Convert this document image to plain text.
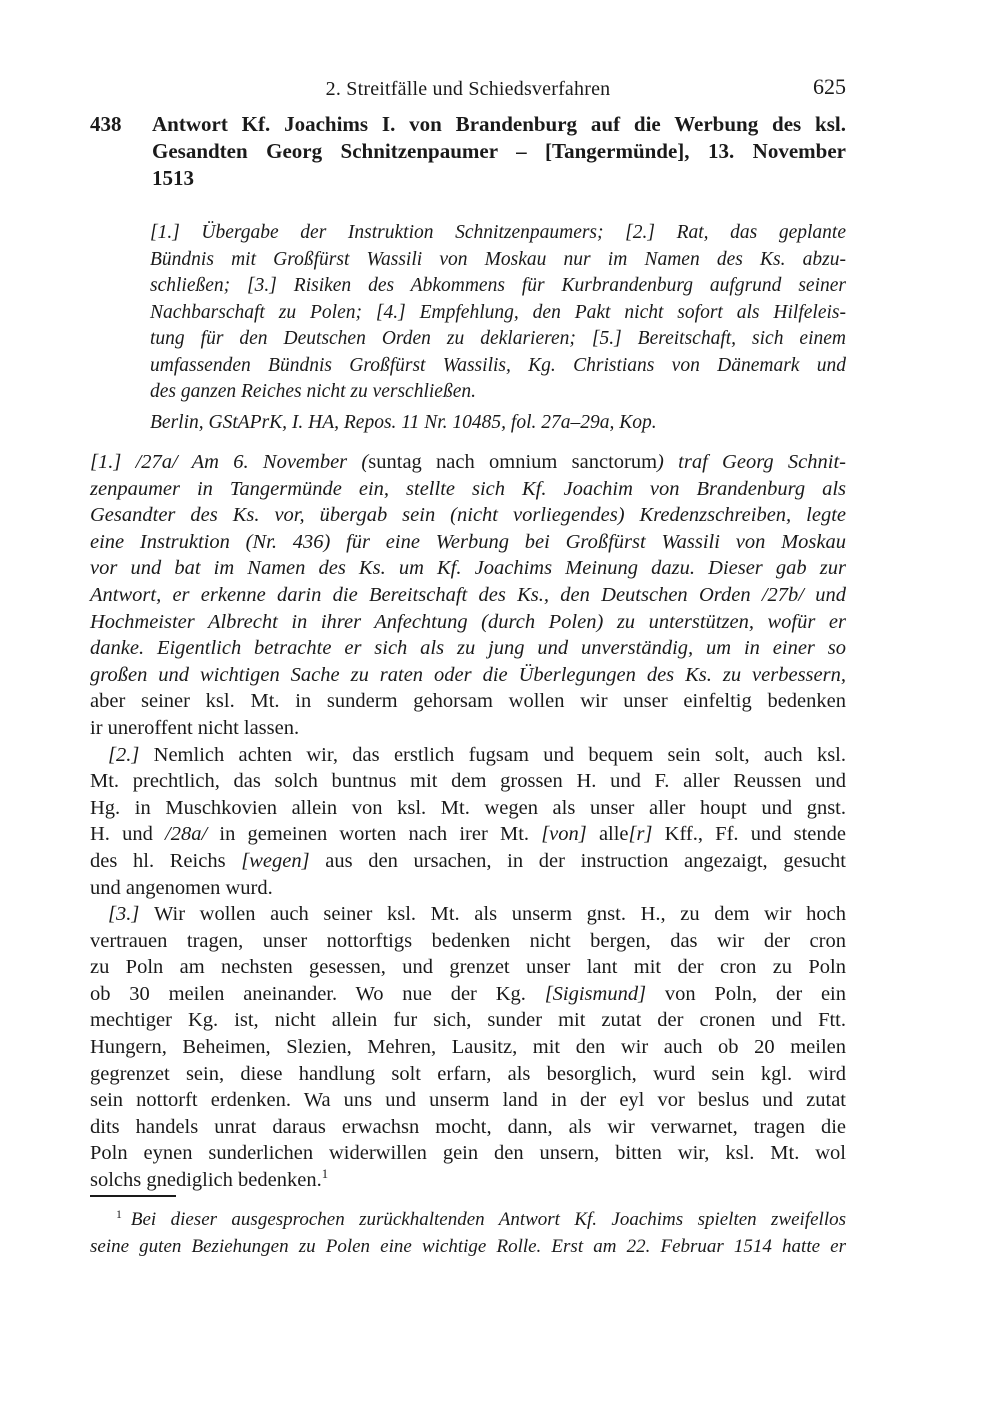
2. Streitfälle und Schiedsverfahren	625
438 Antwort Kf. Joachims I. von Brandenburg auf die Werbung des ksl.
Gesandten Georg Schnitzenpaumer – [Tangermünde], 13. November
1513
[1.] Übergabe der Instruktion Schnitzenpaumers; [2.] Rat, das geplante
Bündnis mit Großfürst Wassili von Moskau nur im Namen des Ks. abzu-
schließen; [3.] Risiken des Abkommens für Kurbrandenburg aufgrund seiner
Nachbarschaft zu Polen; [4.] Empfehlung, den Pakt nicht sofort als Hilfeleis-
tung für den Deutschen Orden zu deklarieren; [5.] Bereitschaft, sich einem
umfassenden Bündnis Großfürst Wassilis, Kg. Christians von Dänemark und
des ganzen Reiches nicht zu verschließen.
Berlin, GStAPrK, I. HA, Repos. 11 Nr. 10485, fol. 27a–29a, Kop.
[1.] /27a/ Am 6. November (suntag nach omnium sanctorum) traf Georg Schnit-
zenpaumer in Tangermünde ein, stellte sich Kf. Joachim von Brandenburg als
Gesandter des Ks. vor, übergab sein (nicht vorliegendes) Kredenzschreiben, legte
eine Instruktion (Nr. 436) für eine Werbung bei Großfürst Wassili von Moskau
vor und bat im Namen des Ks. um Kf. Joachims Meinung dazu. Dieser gab zur
Antwort, er erkenne darin die Bereitschaft des Ks., den Deutschen Orden /27b/ und
Hochmeister Albrecht in ihrer Anfechtung (durch Polen) zu unterstützen, wofür er
danke. Eigentlich betrachte er sich als zu jung und unverständig, um in einer so
großen und wichtigen Sache zu raten oder die Überlegungen des Ks. zu verbessern,
aber seiner ksl. Mt. in sunderm gehorsam wollen wir unser einfeltig bedenken
ir uneroffent nicht lassen.
[2.] Nemlich achten wir, das erstlich fugsam und bequem sein solt, auch ksl.
Mt. prechtlich, das solch buntnus mit dem grossen H. und F. aller Reussen und
Hg. in Muschkovien allein von ksl. Mt. wegen als unser aller houpt und gnst.
H. und /28a/ in gemeinen worten nach irer Mt. [von] alle[r] Kff., Ff. und stende
des hl. Reichs [wegen] aus den ursachen, in der instruction angezaigt, gesucht
und angenomen wurd.
[3.] Wir wollen auch seiner ksl. Mt. als unserm gnst. H., zu dem wir hoch
vertrauen tragen, unser nottorftigs bedenken nicht bergen, das wir der cron
zu Poln am nechsten gesessen, und grenzet unser lant mit der cron zu Poln
ob 30 meilen aneinander. Wo nue der Kg. [Sigismund] von Poln, der ein
mechtiger Kg. ist, nicht allein fur sich, sunder mit zutat der cronen und Ftt.
Hungern, Beheimen, Slezien, Mehren, Lausitz, mit den wir auch ob 20 meilen
gegrenzet sein, diese handlung solt erfarn, als besorglich, wurd sein kgl. wird
sein nottorft erdenken. Wa uns und unserm land in der eyl vor beslus und zutat
dits handels unrat daraus erwachsn mocht, dann, als wir verwarnet, tragen die
Poln eynen sunderlichen widerwillen gein den unsern, bitten wir, ksl. Mt. wol
solchs gnediglich bedenken.$^1$
$^1$ Bei dieser ausgesprochen zurückhaltenden Antwort Kf. Joachims spielten zweifellos
seine guten Beziehungen zu Polen eine wichtige Rolle. Erst am 22. Februar 1514 hatte er
